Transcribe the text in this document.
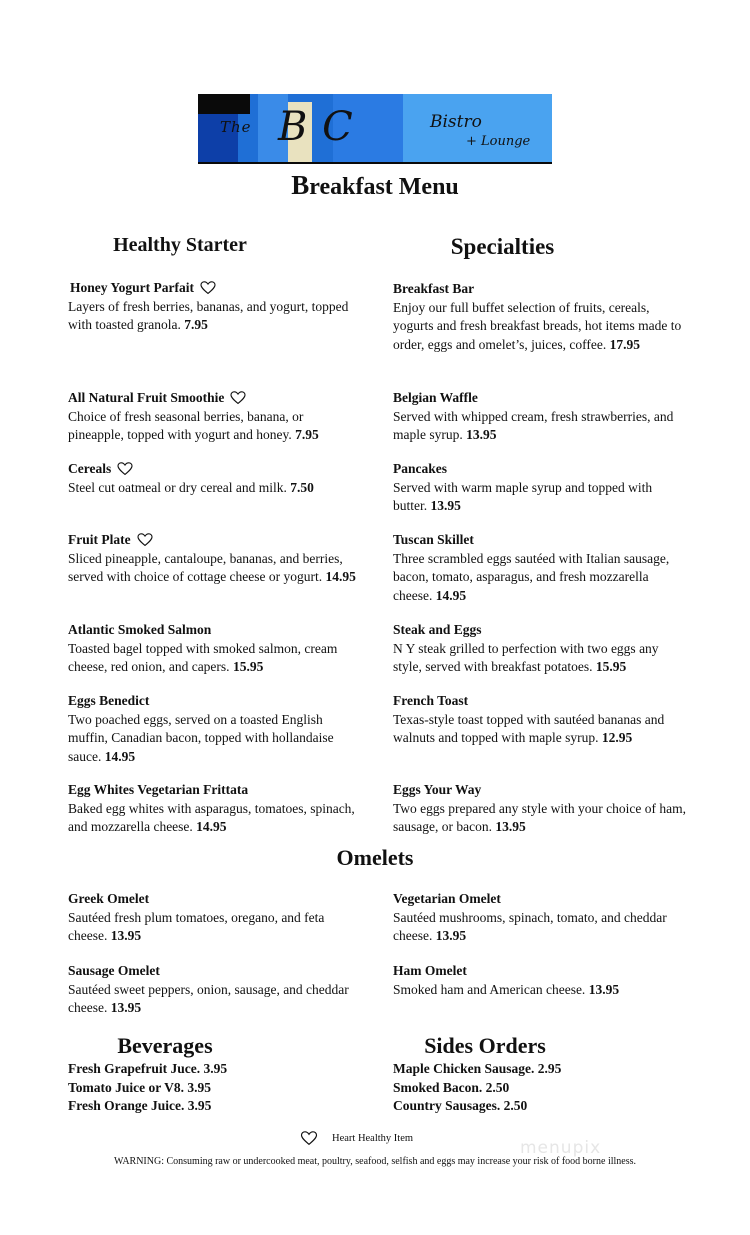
The BC	Bistro
+ Lounge
Breakfast Menu
Healthy Starter	Specialties
Honey Yogurt Parfait

Layers of fresh berries, bananas, and yogurt, topped with toasted granola. 7.95

All Natural Fruit Smoothie

Choice of fresh seasonal berries, banana, or pineapple, topped with yogurt and honey. 7.95

Cereals

Steel cut oatmeal or dry cereal and milk. 7.50

Fruit Plate

Sliced pineapple, cantaloupe, bananas, and berries, served with choice of cottage cheese or yogurt. 14.95

Atlantic Smoked Salmon

Toasted bagel topped with smoked salmon, cream cheese, red onion, and capers. 15.95

Eggs Benedict

Two poached eggs, served on a toasted English muffin, Canadian bacon, topped with hollandaise sauce. 14.95

Egg Whites Vegetarian Frittata

Baked egg whites with asparagus, tomatoes, spinach, and mozzarella cheese. 14.95

Breakfast Bar

Enjoy our full buffet selection of fruits, cereals, yogurts and fresh breakfast breads, hot items made to order, eggs and omelet’s, juices, coffee. 17.95

Belgian Waffle

Served with whipped cream, fresh strawberries, and maple syrup. 13.95

Pancakes

Served with warm maple syrup and topped with butter. 13.95

Tuscan Skillet

Three scrambled eggs sautéed with Italian sausage, bacon, tomato, asparagus, and fresh mozzarella cheese. 14.95

Steak and Eggs

N Y steak grilled to perfection with two eggs any style, served with breakfast potatoes. 15.95

French Toast

Texas-style toast topped with sautéed bananas and walnuts and topped with maple syrup. 12.95

Eggs Your Way

Two eggs prepared any style with your choice of ham, sausage, or bacon. 13.95

Omelets
Greek Omelet

Sautéed fresh plum tomatoes, oregano, and feta cheese. 13.95

Vegetarian Omelet

Sautéed mushrooms, spinach, tomato, and cheddar cheese. 13.95

Sausage Omelet

Sautéed sweet peppers, onion, sausage, and cheddar cheese. 13.95

Ham Omelet

Smoked ham and American cheese. 13.95

Beverages	Sides Orders
Fresh Grapefruit Juce. 3.95
Tomato Juice or V8. 3.95
Fresh Orange Juice. 3.95
Maple Chicken Sausage. 2.95
Smoked Bacon. 2.50
Country Sausages. 2.50
Heart Healthy Item	menupix
WARNING: Consuming raw or undercooked meat, poultry, seafood, selfish and eggs may increase your risk of food borne illness.
